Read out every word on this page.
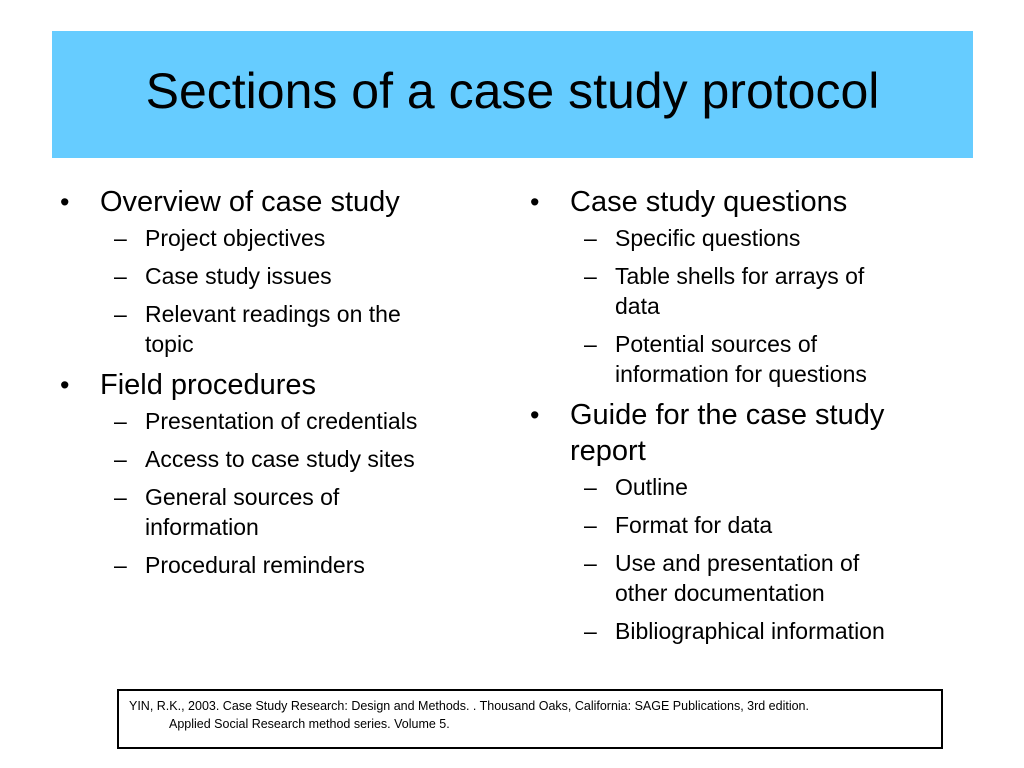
Sections of a case study protocol
• Overview of case study
– Project objectives
– Case study issues
– Relevant readings on the
topic
• Field procedures
– Presentation of credentials
– Access to case study sites
– General sources of
information
– Procedural reminders
• Case study questions
– Specific questions
– Table shells for arrays of
data
– Potential sources of
information for questions
• Guide for the case study
report
– Outline
– Format for data
– Use and presentation of
other documentation
– Bibliographical information
YIN, R.K., 2003. Case Study Research: Design and Methods. . Thousand Oaks, California: SAGE Publications, 3rd edition.
Applied Social Research method series. Volume 5.
